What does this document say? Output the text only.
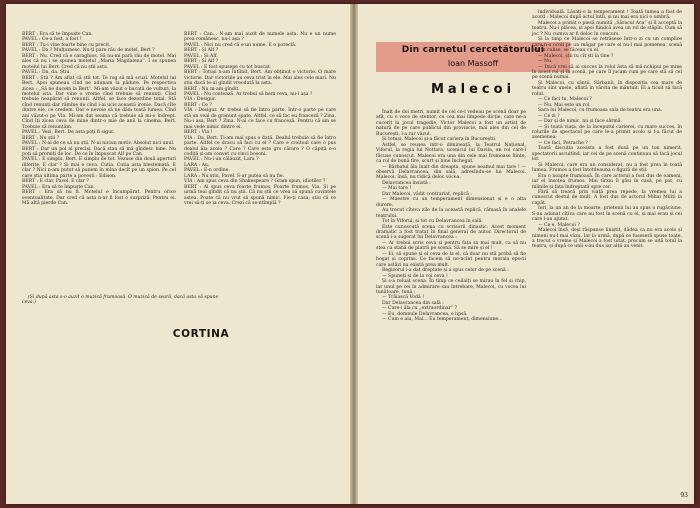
BERT : Era să te împuște Can.

PAVEL : Ce-a fost, a fost !

BERT : Tu-i vine foarte bine cu precit.

PAVEL : Da ? Mulțumesc. Nu-ți pare rău de motel, Bert ?

BERT : Nu. Cred că e caraghios. Să nu-mi pară rău de motel. Mai ales că nu i se spunea motelul „Maria Magdalena”. I se spunea motelul lui Bert. Cred că nu știi asta.

PAVEL : Da, da. Știu.

BERT : Știi ? Am aflat că știi tot. Te rog să mă scuzi. Motelul lui Bert. Apoi spuneau cînd ne adunam la pădure. Pe respectiva zicea : „Să ne ducem la Bert”. Mi-am văzut o bucată de vulturi, la motelul ista. Dar vine o vreme cînd trebuie să renunți. Cînd trebuie neapărat să renunți. Altfel, se face dezordine total. Stă cînd renunți dar rămîne de cînd i-ai ucis această ironie. Dacă cîte dintre ele, ce credem. Dar e nevoie să ne dăm toată lumea. Cînd ani văzut-o pe Via. Mi-am dat seama că trebuie să mi-o îndrept. Cînd îți zicea ceva de mine dintr-o mie de anii la cinema, Bert. Trebuie să renunțăm.

PAVEL : Vezi, Bert. De asta poți fi sigur.

BERT : Nu știi ?

PAVEL : N-ai de ce să nu știi. N-ai niciun motiv. Absolut nici unul.

BERT : Dar un pol al preciși. Dacă stau să mă gîndesc bine. Nu poți să promiți de loc. De ce în împușcat Alf pe Can.

PAVEL : E simplu, Bert. E simplu de tot. Vezuse din două aperturi diferite. E clar ? Și mai e ceva. Cutia. Cutia asta blestemată. E clar ? Nici n-am putut să punem în mîna decît pe un spion. Pe cel care știa ultima parte a povești : Edison.

BERT : E clar, Pavel. E clar ?

PAVEL : Era să te împuște Can.

BERT : Era să nu fi. Motelul e încumpărat. Pentru orice eventualitate. Dar cred că asta n-ar fi fost o surpriză. Pentru ei. Mă altă pierde Can.

BERT : Can... N-am mai auzit de numele asta. Nu e un nume prea românesc, nu-i așa ?

PAVEL : Nici nu cred că e un nume. E o poreclă.

BERT : Și Alf ?

PAVEL : Și Alf.

BERT : Și Alf ?

PAVEL : E fost spusepe cu tot buscat.

BERT : Totuși n-am întîlnit, Bert. Am obținut o victorie. O mare victorie. Dar victoriile au ceva trist în ele. Mai ales cele mari. Nu știu dacă te-ai gîndit vreodată la asta.

BERT : Nu m-am gîndit.

PAVEL : Nu contează. Ar trebui să bem ceva, nu-i așa ?

VIA : Desigur.

BERT : Ce ?

VIA : Desigur. Ar trebui să fie întro parte. Intr-o parte pe care stă un veal de granunt spate. Altfel, ce să fac eu franceză ? Zina. Nu-i asa, Bert ? Zina. N-ai ce face cu franceză. Pentru că am se mai vede nimic dintre ei.

BERT : Via !

VIA : Da, Bert. Ți-am mai spus o dată. Dealul trebuie să fie întro parte. Altfel ce dracu să faci cu el ? Care e croitoul care o pus dealul ăla acolo ? Care ? Care este gro cărare ? O căpiță e-o codiță și-am convet cu cinci bosoni.

PAVEL : Nu-i un călăuzit, Lara ?

LARA : Au.

PAVEL : E-n ordine.

LARA : Nu știu, Pavel. S-ar putea să nu fie.

VIA : Am spus ceva din Shakespeare ? Gram spun, idiotilor ?

BERT : Ai spus ceva foarte frumos. Foarte frumos, Via. Și pe urmă teai gîndit că nu știi. Că nu știi ce vrea să spună cuvintele astea. Poate că nu vrut să spună nimic. Fie-ți casa, știu că ce vrei să-ți se ia ceva. Crezi că se-ntîmplă ?

(Și după asta s-o auzit o muzică frumoasă. O muzică de seară, dacă asta vă spune ceva.)
CORTINA
Din carnetul cercetătorului
Ioan Massoff
Malecoi

Înalt de doi metri, numit de cei ce-l vedeau pe scenă doar pe atît, cu o voce de stentor, cu cea mai limpede dicție, care ne-a cucerit la jocul tragedie, Victor Malecoi a fost un artist de natură de pe care publicul din provincie, mai ales din cel de București, l-a rar văzut.

Și totuși, Malecoi și-a făcut cariera în Bucureștii.

Astfel, se reușea intr-o dimineață, la Teatrul Național, Viforul, la regia lui Nottara, ucenicul lui Davila, un rol care-l făcuse cunoscut. Malecoi era una din cele mai frumoase ființe, ca rol de bună fire, scurt și bine închegat.

— Bărbatul ăla înalt din dreapta, spune neamul mai tare ! — observă Delavrancea, din sală, adresîndu-se lui Malecoi. Malecoi, însă, nu ridică deloc vocea.

Delavrancea insistă :

— Mai tare !

Dar Malecoi, vădit contrariat, replică :

— Maestre cu un temperament dimensionat și e o alta durere.

Au trecut cîteva zile de la această replică, rămasă în analele teatrului.

Tot în Viforul, și tot cu Delavrancea în sală.

Este cunoscută scena cu scrisorii dinastic. Acest moment dramatic a fost tratat în final general de autor. Directorul de scenă i-a sugerat lui Delavrancea :

— Ar trebui scris ceva și pentru fața sa mai mult, ca să nu stea ca stană de piatră pe scenă. Să se mire și el !

— Ei, să spune și el ceva de la el, că doar nu stă probă să fie bogat și coprins. Ce facem să ne-ncînt pentru morala epocii care astăzi nu există prea mult.

Regizorul i-a dat dreptate și a spus celor de pe scenă :

— Spuneți și de la voi ceva !

Și s-a reluat scena. În timp ce ceilalți se mirau în fel și chip, iar unul pe cei în admirare sau întrebare, Malecoi, cu vocea lui tunătoare, tună :

— Trăiască Vodă !

Dar Delavrancea din sală :

— Care-i ăla cu „extraordinar” ?

— Eu, domnule Delavrancea, e lipsă.

— Cum e aia, Mal... Eu temperament, dimensiune...

individuală. Lăsați-o la temperament ! Toată lumea a fost de acord : Malecoi după actul întîi, și nu mai era nici o umbră.

Malecoi a primit o piesă numită „Săracul Aca” și îl acceptă la teatru. Nu-i plăcea, și apoi fiindcă avea un rol de stăpîn. Cum să joc ? Nu cumva ar fi deloc în concurs.

Și la timp ce Malecoi se retrăsese într-o zi cu un complice care n-o ocoli pe un măgar pe care el nu-l mai pomenea, scenă era în culise, se făceau cu el.

— Malecoi, știi tu cît ști la tine ?

— Nu.

— Dacă vrei să ai succes la rolul ăsta să mă-nchipui pe mine în acest rol și în scenă, pe care îl jucam cum pe care stă să cel pe scenă numai.

Și Malecoi, cu săntii. Sărbanii, în dispoziția cea mare de teatru sînt unele, aflată în vârsta de mântuit. El a ticsit să facă rolul.

— Ce faci tu, Malecoi ?

— Nu. Mai este un rol.

Sara lui Malecoi, cu frumoasa sala de teatru era una.

— Ce zi ?

— Dar și de nimic, nu și face sârmă.

— Și toată viața, de la începutul carierei, cu mare succes, în rolurile de spectacol pe care le-a primit acolo și l-a făcut de asemenea.

— Ce faci, Petrache ?

Toată discuția aceasta a fost dusă pe un ton nimerit, spectatorii ascultînd, iar cei de pe scenă continuau să facă jocul lor.

Și Malecoi, care era un considerat, nu a fost prea în toată lumea. Frumos a fost întotdeauna o figură de stil.

Era o noapte frumoasă. În care actorul a fost dus de oameni, iar el însoțea frumos. Mai tîrziu îl găsi în casă, pe pat, cu mîinile și fața îndreptată spre cer.

Fără să treacă prin viață prea repede, la vremea lui a cunoscut destul de mult. A fost dus de actorul Mihai Miliți la capăt.

Ieri, la un an de la moarte, prietenii lui au spus o rugăciune. S-au adunat cîțiva care au fost în scenă cu el, și mai erau și cei care l-au ajutat.

— Ce e, Malecoi ?

Malecoi însă, deși răspunse liniștit, dădea ca nu era acolo și nimeni nu-l mai văzu. Iar la urmă, după ce fuseseră spuse toate, a trecut o vreme și Malecoi a fost uitat, precum se uită totul la teatru, și după ce unii s-au dus iar alții au venit.

93
